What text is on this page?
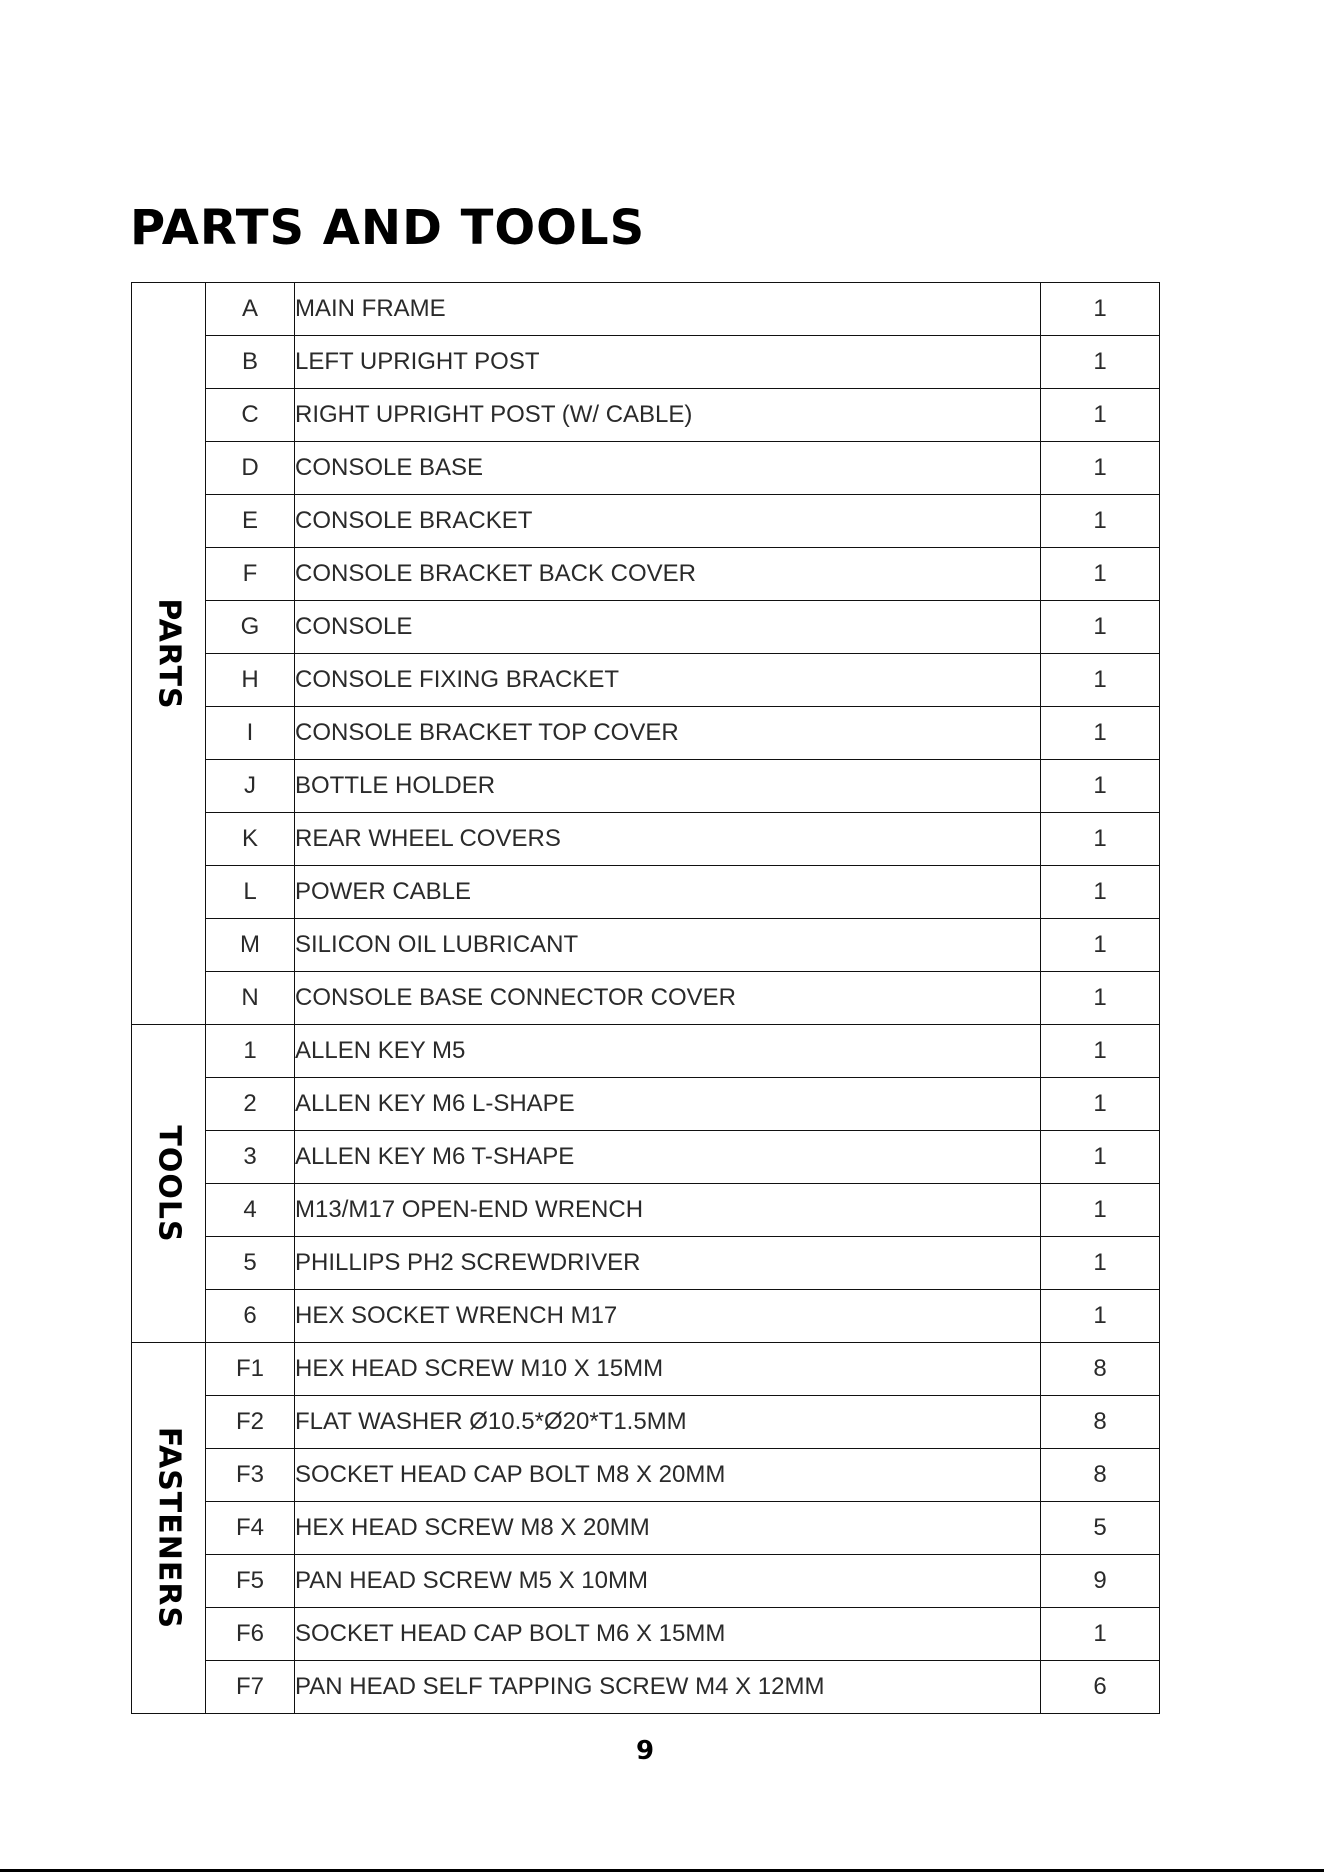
PARTS AND TOOLS
PARTS	A	MAIN FRAME	1
	B	LEFT UPRIGHT POST	1
	C	RIGHT UPRIGHT POST (W/ CABLE)	1
	D	CONSOLE BASE	1
	E	CONSOLE BRACKET	1
	F	CONSOLE BRACKET BACK COVER	1
	G	CONSOLE	1
	H	CONSOLE FIXING BRACKET	1
	I	CONSOLE BRACKET TOP COVER	1
	J	BOTTLE HOLDER	1
	K	REAR WHEEL COVERS	1
	L	POWER CABLE	1
	M	SILICON OIL LUBRICANT	1
	N	CONSOLE BASE CONNECTOR COVER	1

TOOLS	1	ALLEN KEY M5	1
	2	ALLEN KEY M6 L-SHAPE	1
	3	ALLEN KEY M6 T-SHAPE	1
	4	M13/M17 OPEN-END WRENCH	1
	5	PHILLIPS PH2 SCREWDRIVER	1
	6	HEX SOCKET WRENCH M17	1

FASTENERS	F1	HEX HEAD SCREW M10 X 15MM	8
	F2	FLAT WASHER Ø10.5*Ø20*T1.5MM	8
	F3	SOCKET HEAD CAP BOLT M8 X 20MM	8
	F4	HEX HEAD SCREW M8 X 20MM	5
	F5	PAN HEAD SCREW M5 X 10MM	9
	F6	SOCKET HEAD CAP BOLT M6 X 15MM	1
	F7	PAN HEAD SELF TAPPING SCREW M4 X 12MM	6
9
